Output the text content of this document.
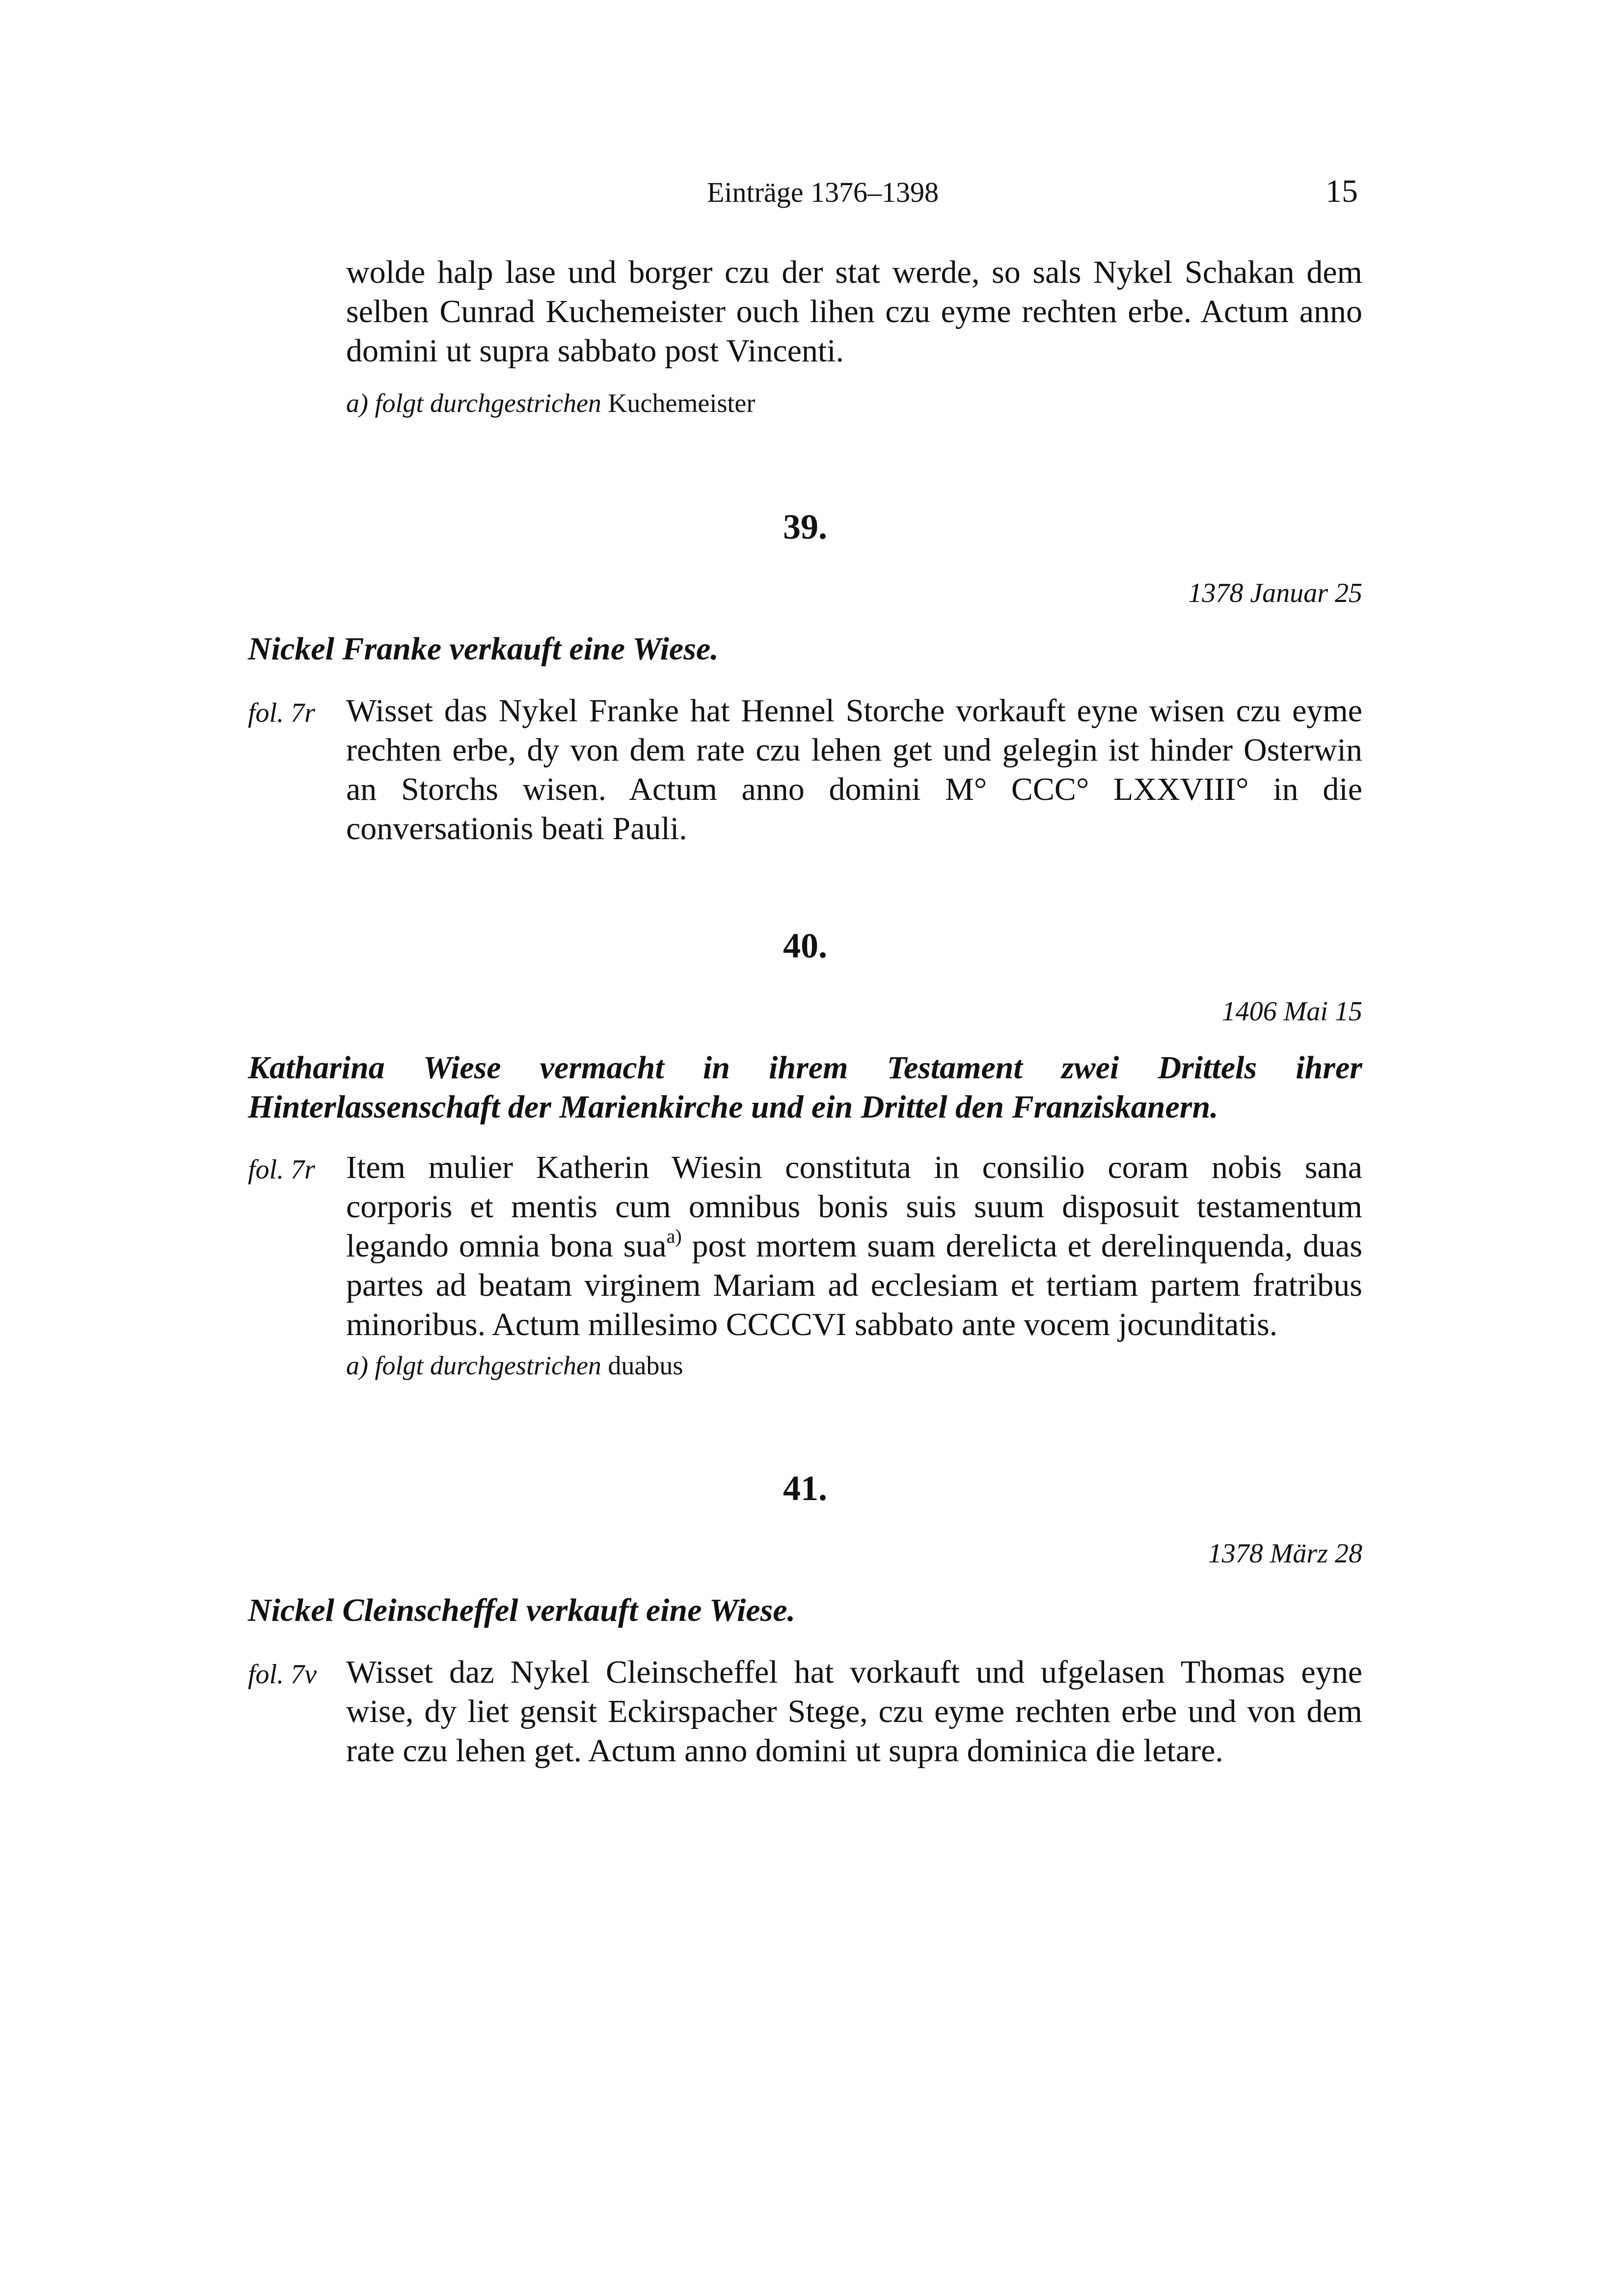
Einträge 1376–1398	15
wolde halp lase und borger czu der stat werde, so sals Nykel Schakan dem
selben Cunrad Kuchemeister ouch lihen czu eyme rechten erbe. Actum anno
domini ut supra sabbato post Vincenti.
a) folgt durchgestrichen Kuchemeister
39.
1378 Januar 25
Nickel Franke verkauft eine Wiese.
fol. 7r Wisset das Nykel Franke hat Hennel Storche vorkauft eyne wisen czu eyme
rechten erbe, dy von dem rate czu lehen get und gelegin ist hinder Osterwin
an Storchs wisen. Actum anno domini M° CCC° LXXVIII° in die
conversationis beati Pauli.
40.
1406 Mai 15
Katharina Wiese vermacht in ihrem Testament zwei Drittels ihrer
Hinterlassenschaft der Marienkirche und ein Drittel den Franziskanern.
fol. 7r Item mulier Katherin Wiesin constituta in consilio coram nobis sana
corporis et mentis cum omnibus bonis suis suum disposuit testamentum
legando omnia bona sua$^{a)}$ post mortem suam derelicta et derelinquenda, duas
partes ad beatam virginem Mariam ad ecclesiam et tertiam partem fratribus
minoribus. Actum millesimo CCCCVI sabbato ante vocem jocunditatis.
a) folgt durchgestrichen duabus
41.
1378 März 28
Nickel Cleinscheffel verkauft eine Wiese.
fol. 7v Wisset daz Nykel Cleinscheffel hat vorkauft und ufgelasen Thomas eyne
wise, dy liet gensit Eckirspacher Stege, czu eyme rechten erbe und von dem
rate czu lehen get. Actum anno domini ut supra dominica die letare.
